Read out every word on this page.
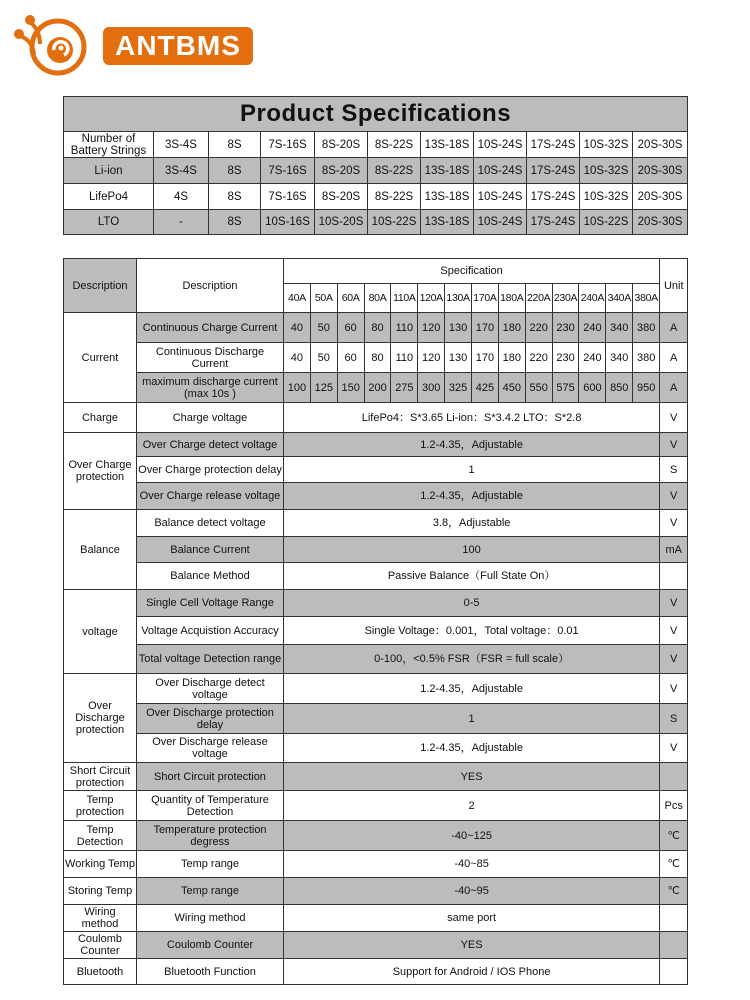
ANTBMS
Product Specifications										
Number of Battery Strings	3S-4S	8S	7S-16S	8S-20S	8S-22S	13S-18S	10S-24S	17S-24S	10S-32S	20S-30S
Li-ion	3S-4S	8S	7S-16S	8S-20S	8S-22S	13S-18S	10S-24S	17S-24S	10S-32S	20S-30S
LifePo4	4S	8S	7S-16S	8S-20S	8S-22S	13S-18S	10S-24S	17S-24S	10S-32S	20S-30S
LTO	-	8S	10S-16S	10S-20S	10S-22S	13S-18S	10S-24S	17S-24S	10S-22S	20S-30S
Description	Description	Specification														Unit
		40A	50A	60A	80A	110A	120A	130A	170A	180A	220A	230A	240A	340A	380A	
Current	Continuous Charge Current	40	50	60	80	110	120	130	170	180	220	230	240	340	380	A
	Continuous Discharge Current	40	50	60	80	110	120	130	170	180	220	230	240	340	380	A
	maximum discharge current (max 10s )	100	125	150	200	275	300	325	425	450	550	575	600	850	950	A
Charge	Charge voltage	LifePo4：S*3.65 Li-ion：S*3.4.2 LTO：S*2.8														V
Over Charge protection	Over Charge detect voltage	1.2-4.35，Adjustable														V
	Over Charge protection delay	1														S
	Over Charge release voltage	1.2-4.35，Adjustable														V
Balance	Balance detect voltage	3.8，Adjustable														V
	Balance Current	100														mA
	Balance Method	Passive Balance（Full State On）														
voltage	Single Cell Voltage Range	0-5														V
	Voltage Acquistion Accuracy	Single Voltage：0.001，Total voltage：0.01														V
	Total voltage Detection range	0-100，<0.5% FSR（FSR = full scale）														V
Over Discharge protection	Over Discharge detect voltage	1.2-4.35，Adjustable														V
	Over Discharge protection delay	1														S
	Over Discharge release voltage	1.2-4.35，Adjustable														V
Short Circuit protection	Short Circuit protection	YES														
Temp protection	Quantity of Temperature Detection	2														Pcs
Temp Detection	Temperature protection degress	-40~125														℃
Working Temp	Temp range	-40~85														℃
Storing Temp	Temp range	-40~95														℃
Wiring method	Wiring method	same port														
Coulomb Counter	Coulomb Counter	YES														
Bluetooth	Bluetooth Function	Support for Android / IOS Phone														
